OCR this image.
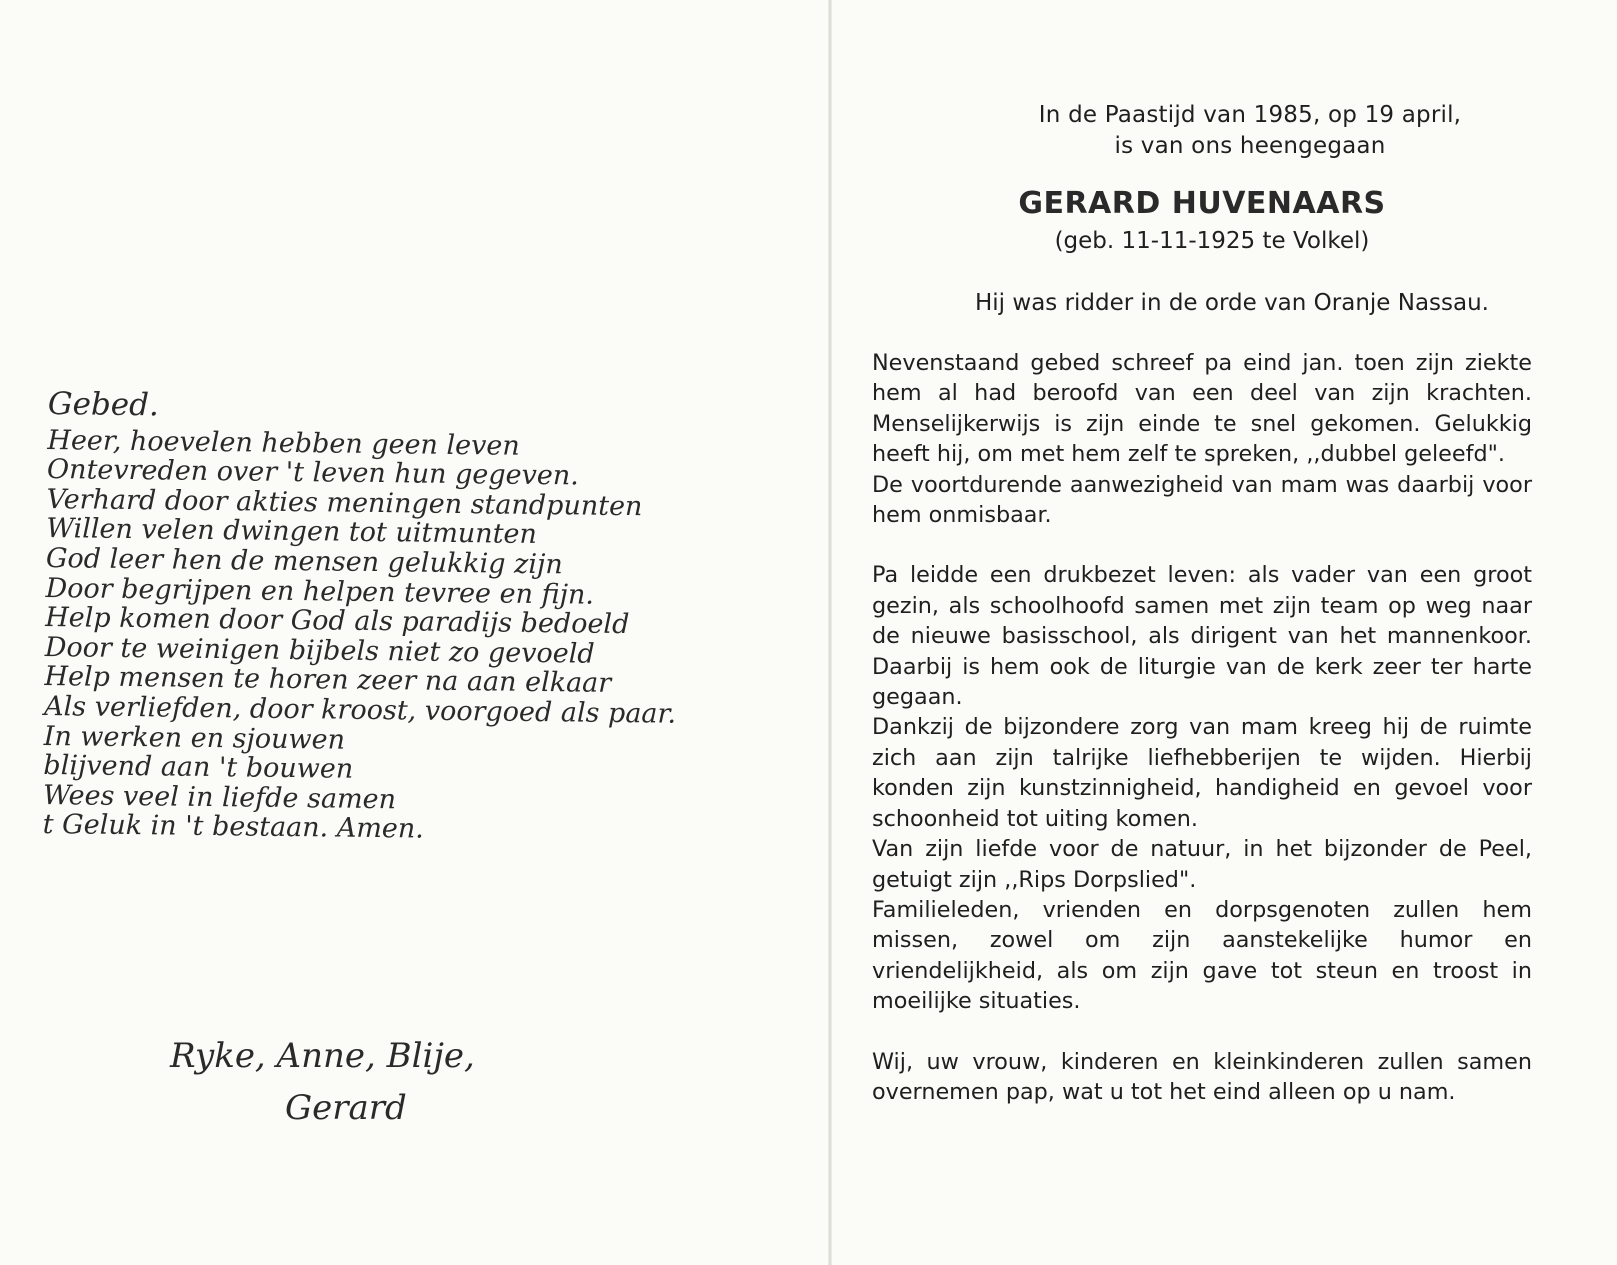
Gebed.
Heer, hoevelen hebben geen leven
Ontevreden over 't leven hun gegeven.
Verhard door akties meningen standpunten
Willen velen dwingen tot uitmunten
God leer hen de mensen gelukkig zijn
Door begrijpen en helpen tevree en fijn.
Help komen door God als paradijs bedoeld
Door te weinigen bijbels niet zo gevoeld
Help mensen te horen zeer na aan elkaar
Als verliefden, door kroost, voorgoed als paar.
In werken en sjouwen
blijvend aan 't bouwen
Wees veel in liefde samen
t Geluk in 't bestaan. Amen.
Ryke, Anne, Blije,
Gerard
In de Paastijd van 1985, op 19 april,
is van ons heengegaan
GERARD HUVENAARS
(geb. 11-11-1925 te Volkel)
Hij was ridder in de orde van Oranje Nassau.

Nevenstaand gebed schreef pa eind jan. toen zijn ziekte hem al had beroofd van een deel van zijn krachten. Menselijkerwijs is zijn einde te snel gekomen. Gelukkig heeft hij, om met hem zelf te spreken, ,,dubbel geleefd".

De voortdurende aanwezigheid van mam was daarbij voor hem onmisbaar.

Pa leidde een drukbezet leven: als vader van een groot gezin, als schoolhoofd samen met zijn team op weg naar de nieuwe basisschool, als dirigent van het mannenkoor. Daarbij is hem ook de liturgie van de kerk zeer ter harte gegaan.

Dankzij de bijzondere zorg van mam kreeg hij de ruimte zich aan zijn talrijke liefhebberijen te wijden. Hierbij konden zijn kunstzinnigheid, handigheid en gevoel voor schoonheid tot uiting komen.

Van zijn liefde voor de natuur, in het bijzonder de Peel, getuigt zijn ,,Rips Dorpslied".

Familieleden, vrienden en dorpsgenoten zullen hem missen, zowel om zijn aanstekelijke humor en vriendelijkheid, als om zijn gave tot steun en troost in moeilijke situaties.

Wij, uw vrouw, kinderen en kleinkinderen zullen samen overnemen pap, wat u tot het eind alleen op u nam.
